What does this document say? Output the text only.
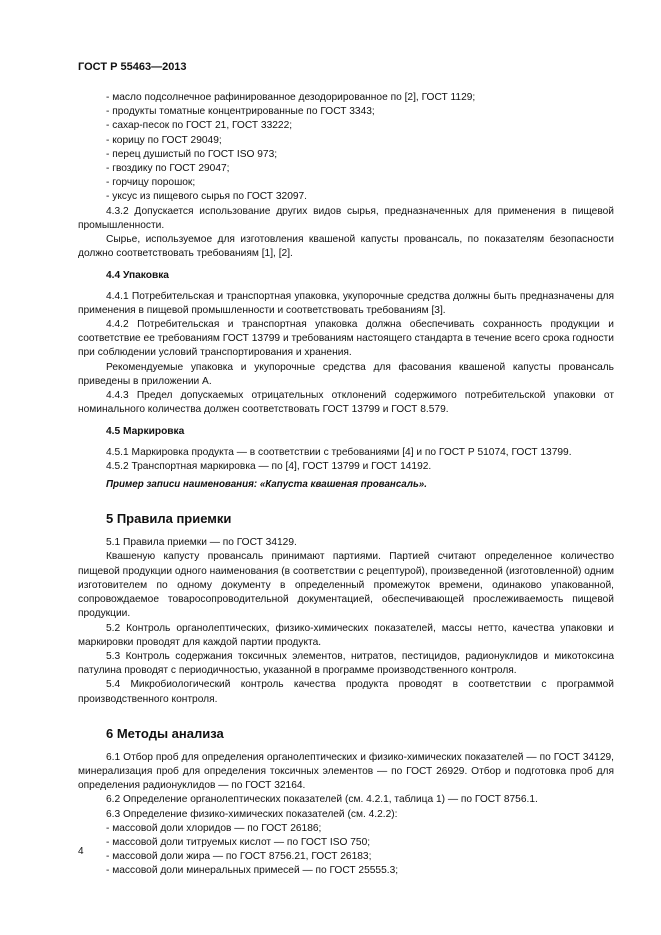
ГОСТ Р 55463—2013

- масло подсолнечное рафинированное дезодорированное по [2], ГОСТ 1129;

- продукты томатные концентрированные по ГОСТ 3343;

- сахар-песок по ГОСТ 21, ГОСТ 33222;

- корицу по ГОСТ 29049;

- перец душистый по ГОСТ ISO 973;

- гвоздику по ГОСТ 29047;

- горчицу порошок;

- уксус из пищевого сырья по ГОСТ 32097.

4.3.2 Допускается использование других видов сырья, предназначенных для применения в пищевой промышленности.

Сырье, используемое для изготовления квашеной капусты провансаль, по показателям безопасности должно соответствовать требованиям [1], [2].

4.4 Упаковка

4.4.1 Потребительская и транспортная упаковка, укупорочные средства должны быть предназначены для применения в пищевой промышленности и соответствовать требованиям [3].

4.4.2 Потребительская и транспортная упаковка должна обеспечивать сохранность продукции и соответствие ее требованиям ГОСТ 13799 и требованиям настоящего стандарта в течение всего срока годности при соблюдении условий транспортирования и хранения.

Рекомендуемые упаковка и укупорочные средства для фасования квашеной капусты провансаль приведены в приложении А.

4.4.3 Предел допускаемых отрицательных отклонений содержимого потребительской упаковки от номинального количества должен соответствовать ГОСТ 13799 и ГОСТ 8.579.

4.5 Маркировка

4.5.1 Маркировка продукта — в соответствии с требованиями [4] и по ГОСТ Р 51074, ГОСТ 13799.

4.5.2 Транспортная маркировка — по [4], ГОСТ 13799 и ГОСТ 14192.

Пример записи наименования: «Капуста квашеная провансаль».
5 Правила приемки

5.1 Правила приемки — по ГОСТ 34129.

Квашеную капусту провансаль принимают партиями. Партией считают определенное количество пищевой продукции одного наименования (в соответствии с рецептурой), произведенной (изготовленной) одним изготовителем по одному документу в определенный промежуток времени, одинаково упакованной, сопровождаемое товаросопроводительной документацией, обеспечивающей прослеживаемость пищевой продукции.

5.2 Контроль органолептических, физико-химических показателей, массы нетто, качества упаковки и маркировки проводят для каждой партии продукта.

5.3 Контроль содержания токсичных элементов, нитратов, пестицидов, радионуклидов и микотоксина патулина проводят с периодичностью, указанной в программе производственного контроля.

5.4 Микробиологический контроль качества продукта проводят в соответствии с программой производственного контроля.

6 Методы анализа

6.1 Отбор проб для определения органолептических и физико-химических показателей — по ГОСТ 34129, минерализация проб для определения токсичных элементов — по ГОСТ 26929. Отбор и подготовка проб для определения радионуклидов — по ГОСТ 32164.

6.2 Определение органолептических показателей (см. 4.2.1, таблица 1) — по ГОСТ 8756.1.

6.3 Определение физико-химических показателей (см. 4.2.2):

- массовой доли хлоридов — по ГОСТ 26186;

- массовой доли титруемых кислот — по ГОСТ ISO 750;

- массовой доли жира — по ГОСТ 8756.21, ГОСТ 26183;

- массовой доли минеральных примесей — по ГОСТ 25555.3;

4
